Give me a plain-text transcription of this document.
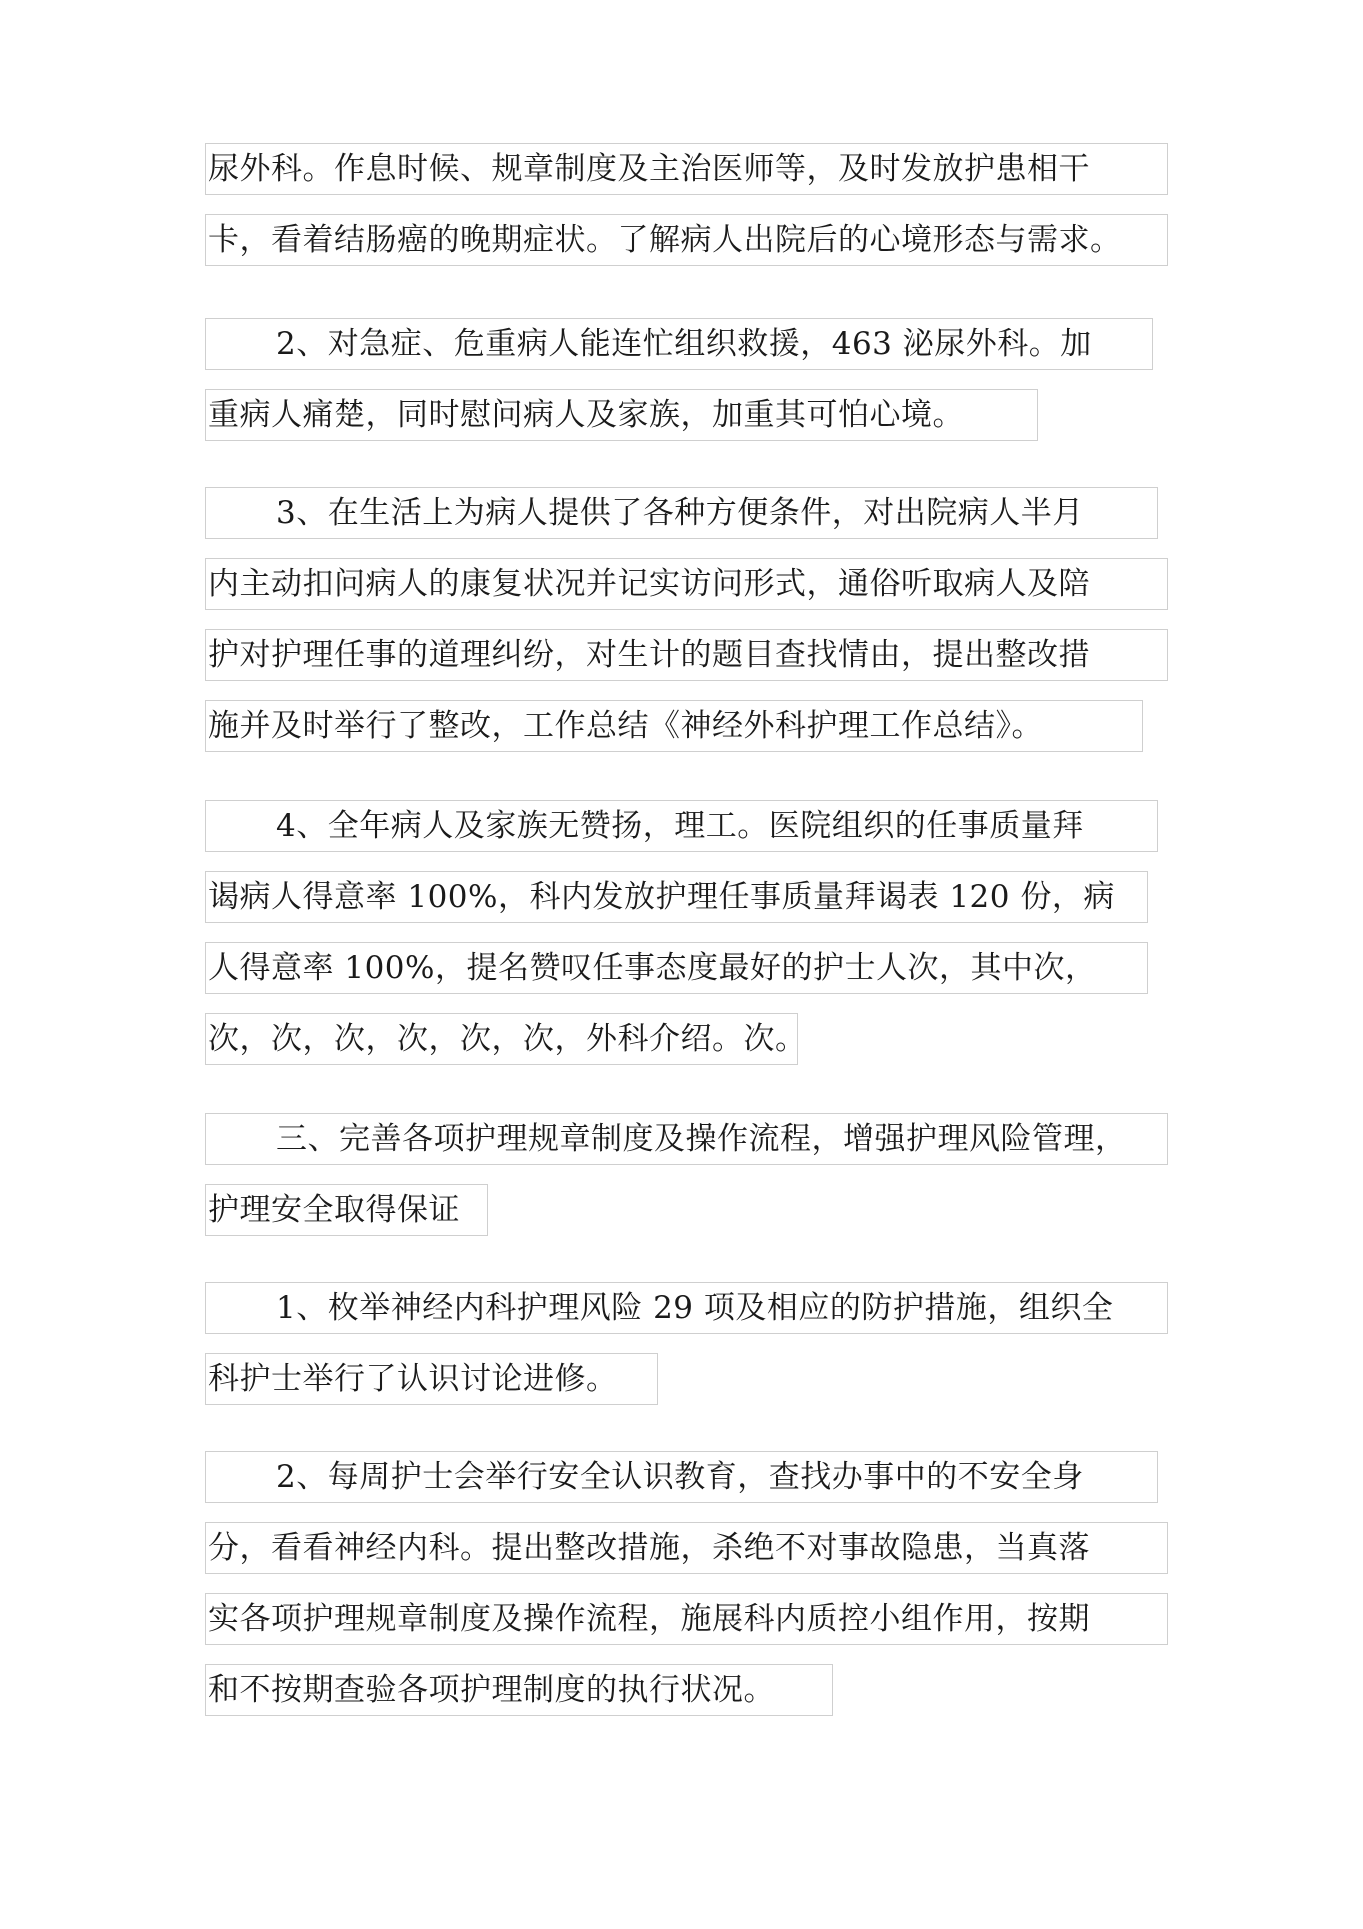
尿外科。作息时候、规章制度及主治医师等，及时发放护患相干
卡，看着结肠癌的晚期症状。了解病人出院后的心境形态与需求。
2、对急症、危重病人能连忙组织救援，463 泌尿外科。加
重病人痛楚，同时慰问病人及家族，加重其可怕心境。
3、在生活上为病人提供了各种方便条件，对出院病人半月
内主动扣问病人的康复状况并记实访问形式，通俗听取病人及陪
护对护理任事的道理纠纷，对生计的题目查找情由，提出整改措
施并及时举行了整改，工作总结《神经外科护理工作总结》。
4、全年病人及家族无赞扬，理工。医院组织的任事质量拜
谒病人得意率 100%，科内发放护理任事质量拜谒表 120 份，病
人得意率 100%，提名赞叹任事态度最好的护士人次，其中次，
次，次，次，次，次，次，外科介绍。次。
三、完善各项护理规章制度及操作流程，增强护理风险管理，
护理安全取得保证
1、枚举神经内科护理风险 29 项及相应的防护措施，组织全
科护士举行了认识讨论进修。
2、每周护士会举行安全认识教育，查找办事中的不安全身
分，看看神经内科。提出整改措施，杀绝不对事故隐患，当真落
实各项护理规章制度及操作流程，施展科内质控小组作用，按期
和不按期查验各项护理制度的执行状况。
